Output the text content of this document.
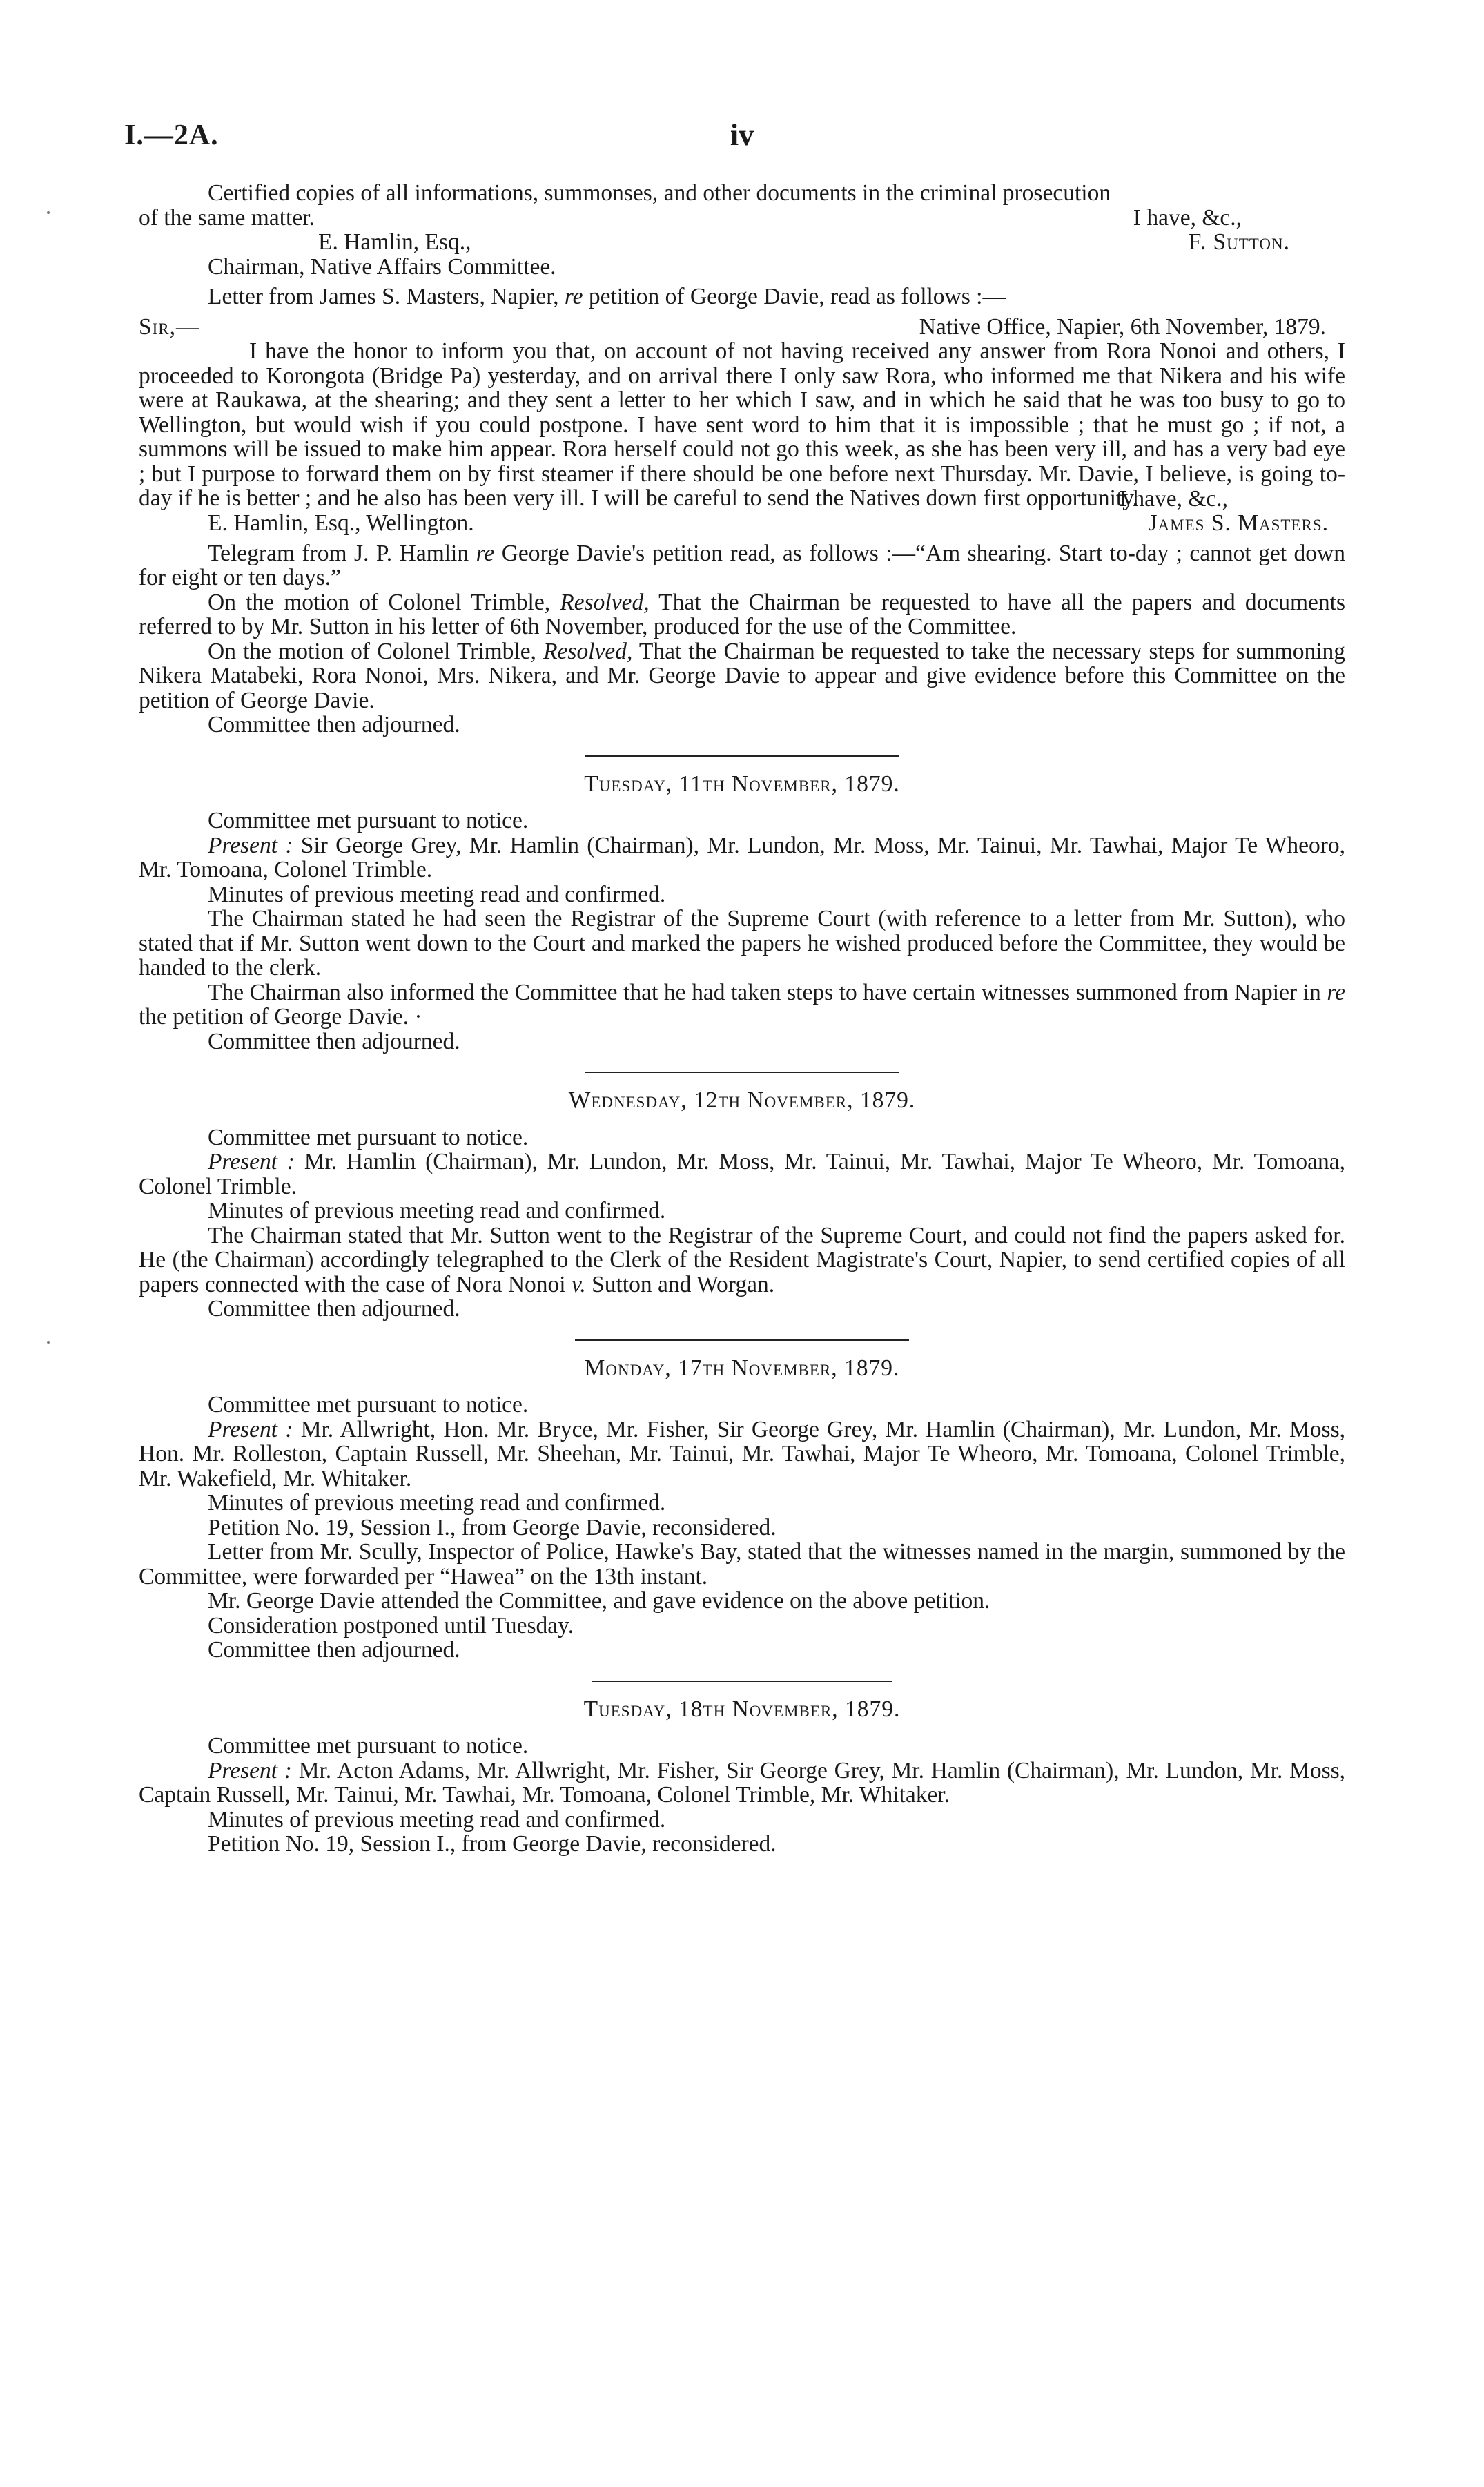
I.—2A.	iv

Certified copies of all informations, summonses, and other documents in the criminal prosecution

of the same matter.	I have, &c.,
E. Hamlin, Esq.,	F. Sutton.

Chairman, Native Affairs Committee.

Letter from James S. Masters, Napier, re petition of George Davie, read as follows :—

Sir,—	Native Office, Napier, 6th November, 1879.

I have the honor to inform you that, on account of not having received any answer from Rora Nonoi and others, I proceeded to Korongota (Bridge Pa) yesterday, and on arrival there I only saw Rora, who informed me that Nikera and his wife were at Raukawa, at the shearing; and they sent a letter to her which I saw, and in which he said that he was too busy to go to Wellington, but would wish if you could postpone. I have sent word to him that it is impossible ; that he must go ; if not, a summons will be issued to make him appear. Rora herself could not go this week, as she has been very ill, and has a very bad eye ; but I purpose to forward them on by first steamer if there should be one before next Thursday. Mr. Davie, I believe, is going to-day if he is better ; and he also has been very ill. I will be careful to send the Natives down first opportunity.

I have, &c.,
E. Hamlin, Esq., Wellington.	James S. Masters.

Telegram from J. P. Hamlin re George Davie's petition read, as follows :—“Am shearing. Start to-day ; cannot get down for eight or ten days.”

On the motion of Colonel Trimble, Resolved, That the Chairman be requested to have all the papers and documents referred to by Mr. Sutton in his letter of 6th November, produced for the use of the Committee.

On the motion of Colonel Trimble, Resolved, That the Chairman be requested to take the necessary steps for summoning Nikera Matabeki, Rora Nonoi, Mrs. Nikera, and Mr. George Davie to appear and give evidence before this Committee on the petition of George Davie.

Committee then adjourned.

Tuesday, 11th November, 1879.

Committee met pursuant to notice.

Present : Sir George Grey, Mr. Hamlin (Chairman), Mr. Lundon, Mr. Moss, Mr. Tainui, Mr. Tawhai, Major Te Wheoro, Mr. Tomoana, Colonel Trimble.

Minutes of previous meeting read and confirmed.

The Chairman stated he had seen the Registrar of the Supreme Court (with reference to a letter from Mr. Sutton), who stated that if Mr. Sutton went down to the Court and marked the papers he wished produced before the Committee, they would be handed to the clerk.

The Chairman also informed the Committee that he had taken steps to have certain witnesses summoned from Napier in re the petition of George Davie. ·

Committee then adjourned.

Wednesday, 12th November, 1879.

Committee met pursuant to notice.

Present : Mr. Hamlin (Chairman), Mr. Lundon, Mr. Moss, Mr. Tainui, Mr. Tawhai, Major Te Wheoro, Mr. Tomoana, Colonel Trimble.

Minutes of previous meeting read and confirmed.

The Chairman stated that Mr. Sutton went to the Registrar of the Supreme Court, and could not find the papers asked for. He (the Chairman) accordingly telegraphed to the Clerk of the Resident Magistrate's Court, Napier, to send certified copies of all papers connected with the case of Nora Nonoi v. Sutton and Worgan.

Committee then adjourned.

Monday, 17th November, 1879.

Committee met pursuant to notice.

Present : Mr. Allwright, Hon. Mr. Bryce, Mr. Fisher, Sir George Grey, Mr. Hamlin (Chairman), Mr. Lundon, Mr. Moss, Hon. Mr. Rolleston, Captain Russell, Mr. Sheehan, Mr. Tainui, Mr. Tawhai, Major Te Wheoro, Mr. Tomoana, Colonel Trimble, Mr. Wakefield, Mr. Whitaker.

Minutes of previous meeting read and confirmed.

Petition No. 19, Session I., from George Davie, reconsidered.

Letter from Mr. Scully, Inspector of Police, Hawke's Bay, stated that the witnesses named in the margin, summoned by the Committee, were forwarded per “Hawea” on the 13th instant.

Mr. George Davie attended the Committee, and gave evidence on the above petition.

Consideration postponed until Tuesday.

Committee then adjourned.

Tuesday, 18th November, 1879.

Committee met pursuant to notice.

Present : Mr. Acton Adams, Mr. Allwright, Mr. Fisher, Sir George Grey, Mr. Hamlin (Chairman), Mr. Lundon, Mr. Moss, Captain Russell, Mr. Tainui, Mr. Tawhai, Mr. Tomoana, Colonel Trimble, Mr. Whitaker.

Minutes of previous meeting read and confirmed.

Petition No. 19, Session I., from George Davie, reconsidered.
